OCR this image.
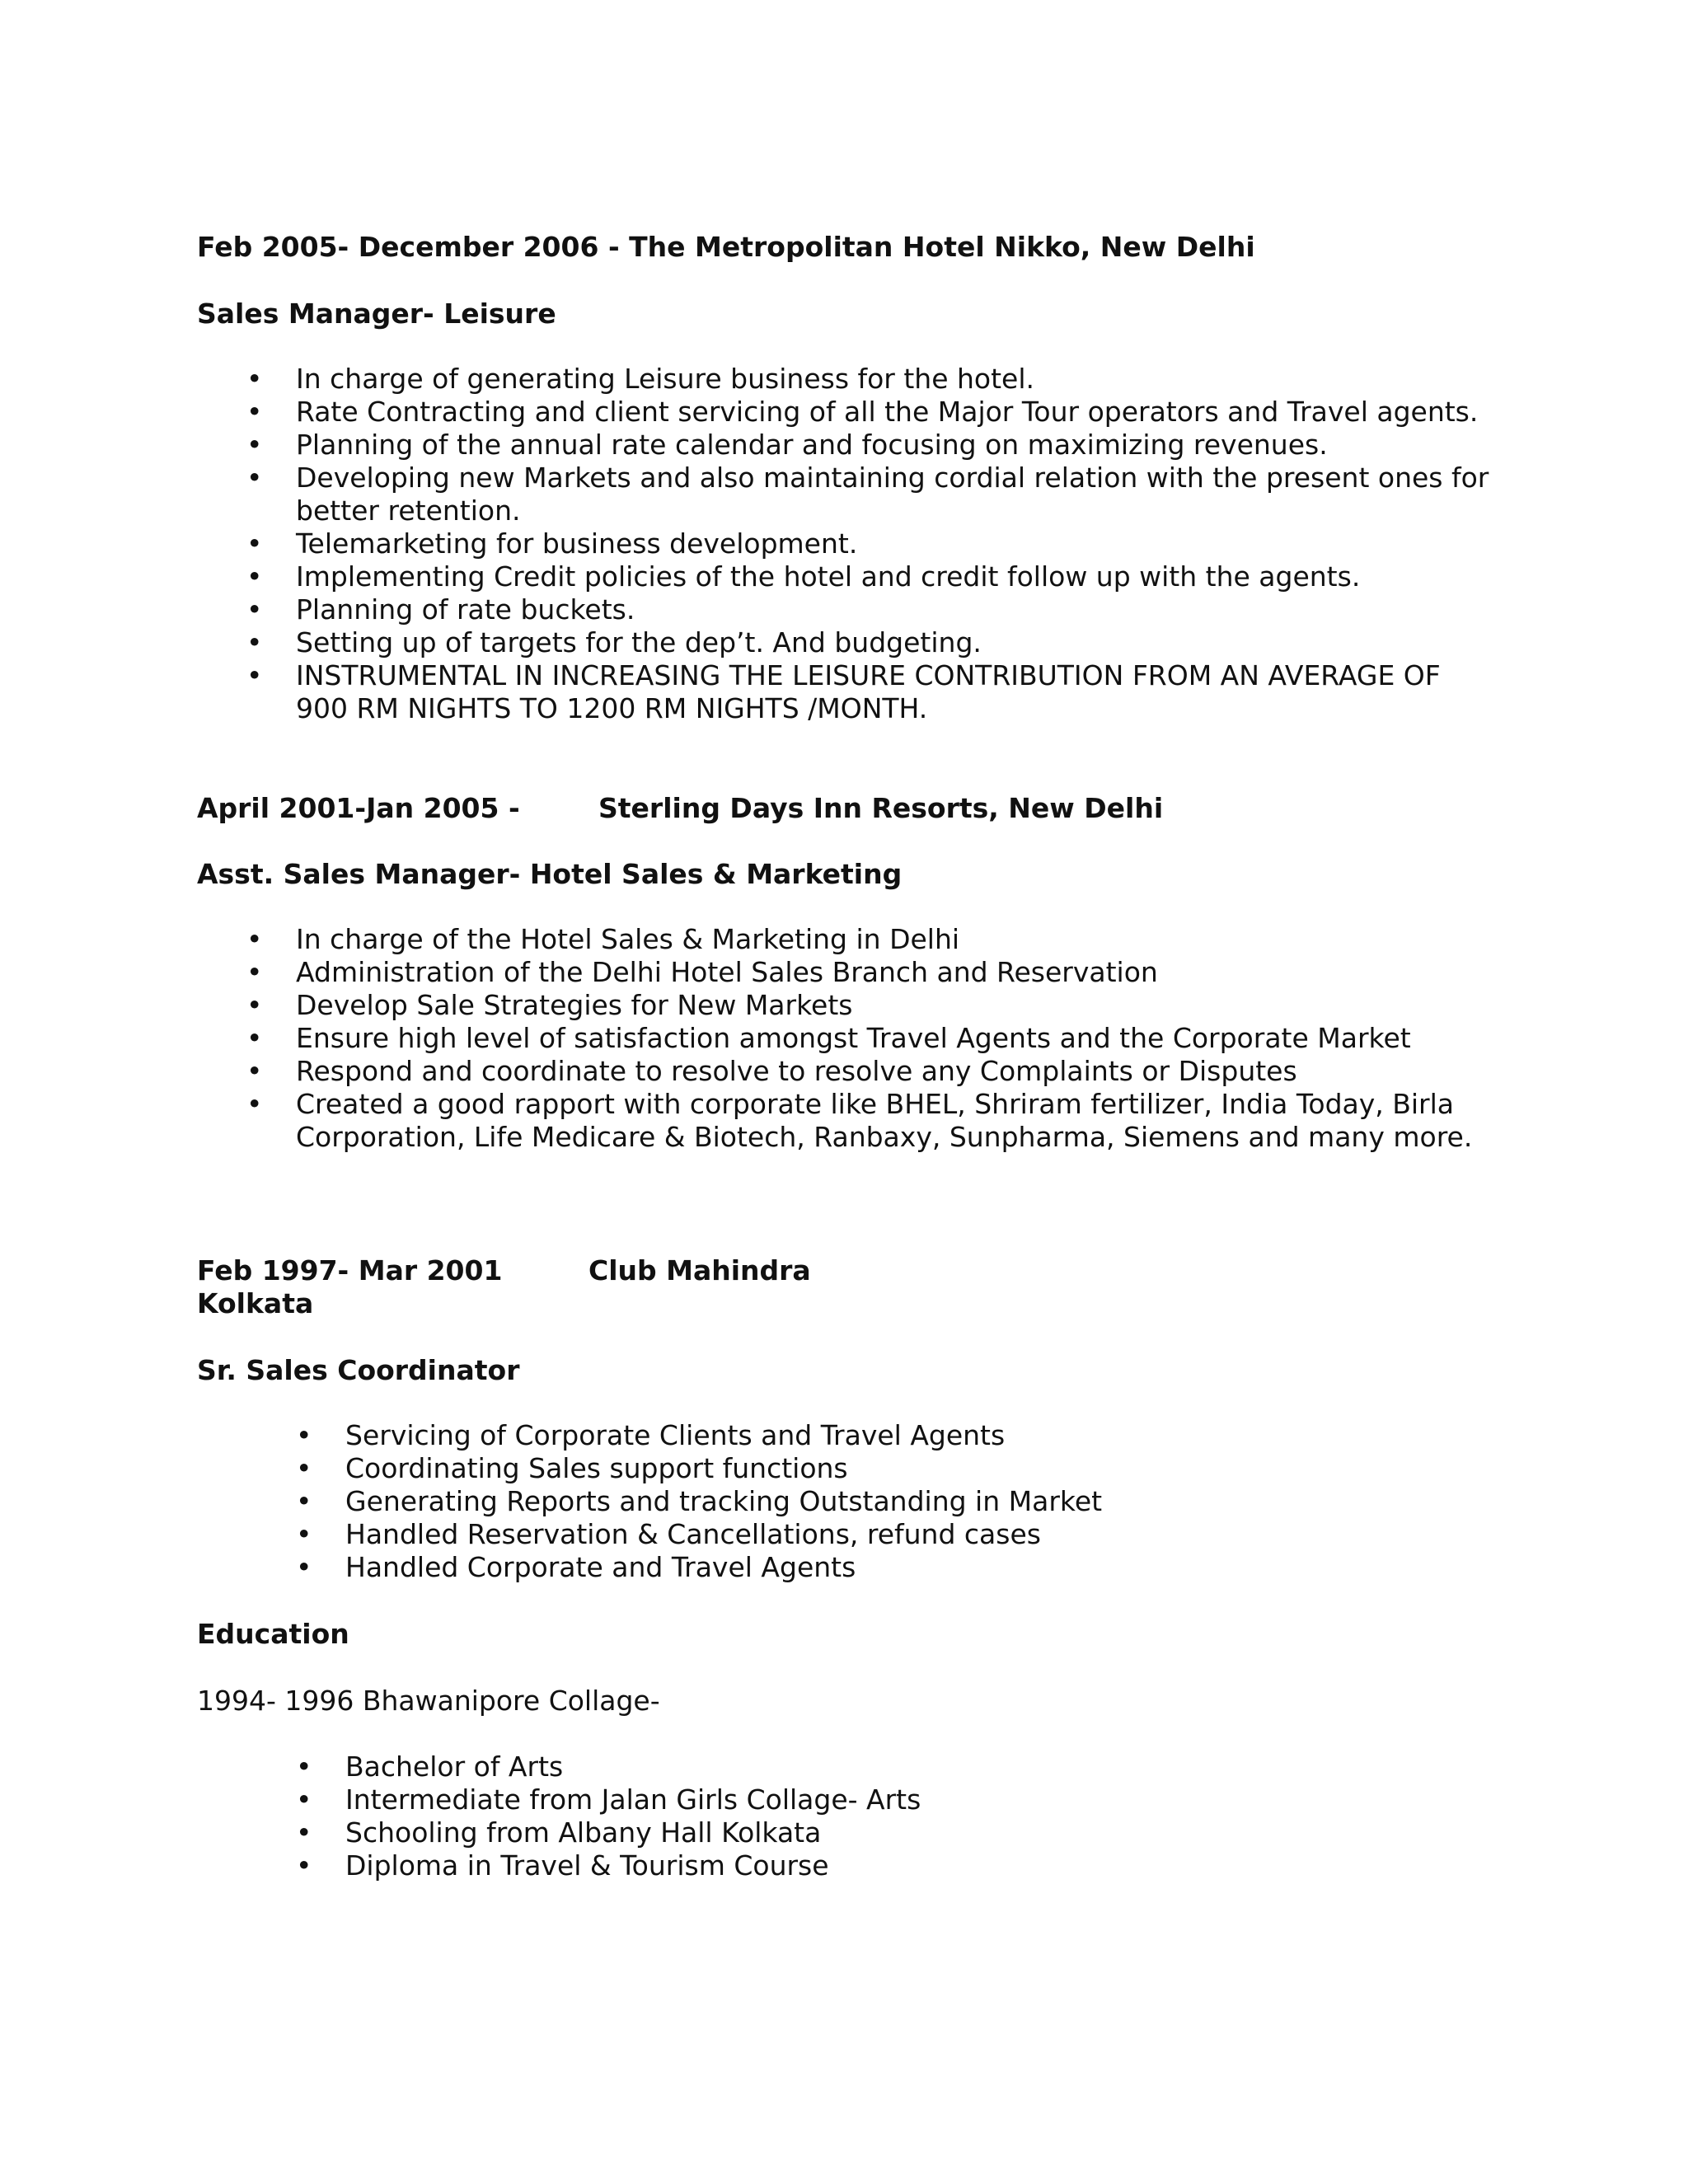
Feb 2005- December 2006 - The Metropolitan Hotel Nikko, New Delhi
Sales Manager- Leisure
• In charge of generating Leisure business for the hotel.
• Rate Contracting and client servicing of all the Major Tour operators and Travel agents.
• Planning of the annual rate calendar and focusing on maximizing revenues.
• Developing new Markets and also maintaining cordial relation with the present ones for better retention.
• Telemarketing for business development.
• Implementing Credit policies of the hotel and credit follow up with the agents.
• Planning of rate buckets.
• Setting up of targets for the dep’t. And budgeting.
• INSTRUMENTAL IN INCREASING THE LEISURE CONTRIBUTION FROM AN AVERAGE OF 900 RM NIGHTS TO 1200 RM NIGHTS /MONTH.
April 2001-Jan 2005 -	Sterling Days Inn Resorts, New Delhi
Asst. Sales Manager- Hotel Sales & Marketing
• In charge of the Hotel Sales & Marketing in Delhi
• Administration of the Delhi Hotel Sales Branch and Reservation
• Develop Sale Strategies for New Markets
• Ensure high level of satisfaction amongst Travel Agents and the Corporate Market
• Respond and coordinate to resolve to resolve any Complaints or Disputes
• Created a good rapport with corporate like BHEL, Shriram fertilizer, India Today, Birla Corporation, Life Medicare & Biotech, Ranbaxy, Sunpharma, Siemens and many more.
Feb 1997- Mar 2001	Club Mahindra
Kolkata
Sr. Sales Coordinator
• Servicing of Corporate Clients and Travel Agents
• Coordinating Sales support functions
• Generating Reports and tracking Outstanding in Market
• Handled Reservation & Cancellations, refund cases
• Handled Corporate and Travel Agents
Education
1994- 1996 Bhawanipore Collage-
• Bachelor of Arts
• Intermediate from Jalan Girls Collage- Arts
• Schooling from Albany Hall Kolkata
• Diploma in Travel & Tourism Course
